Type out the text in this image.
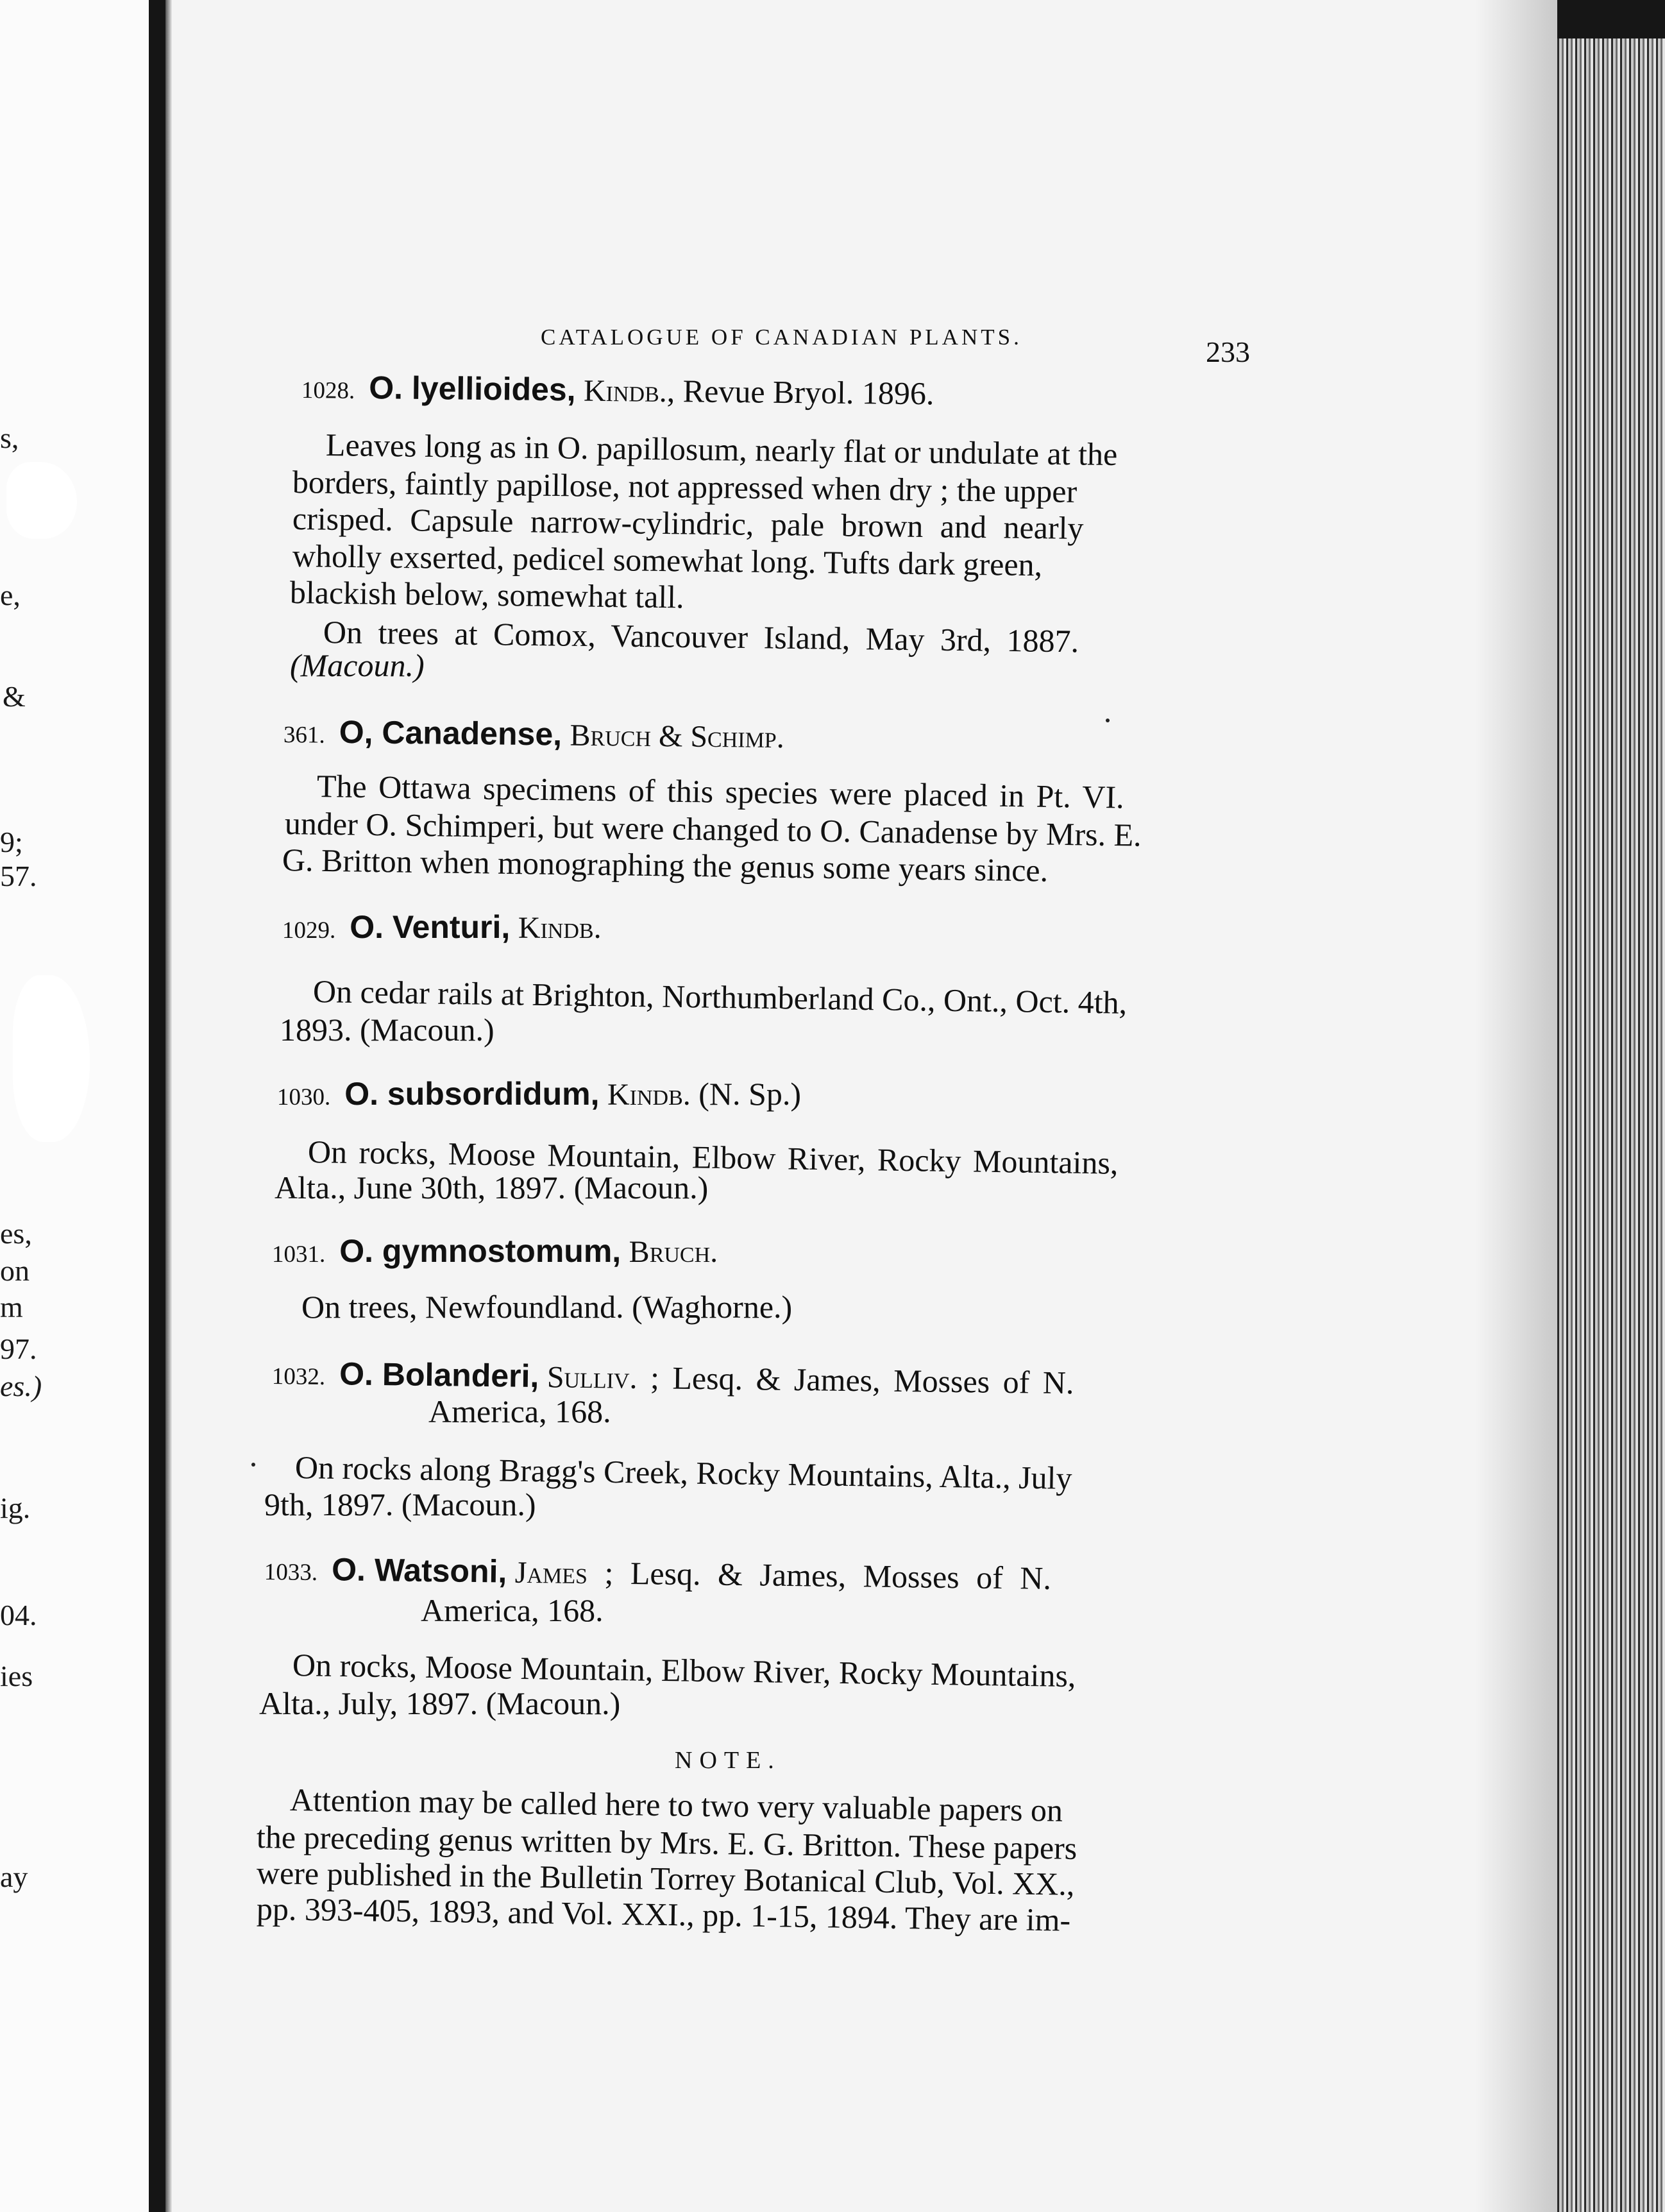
s,
e,
&
9;
57.
es,
on
m
97.
es.)
ig.
04.
ies
ay
CATALOGUE OF CANADIAN PLANTS.	233
1028. O. lyellioides, Kindb., Revue Bryol. 1896.
Leaves long as in O. papillosum, nearly flat or undulate at the
borders, faintly papillose, not appressed when dry ; the upper
crisped. Capsule narrow-cylindric, pale brown and nearly
wholly exserted, pedicel somewhat long. Tufts dark green,
blackish below, somewhat tall.
On trees at Comox, Vancouver Island, May 3rd, 1887.
(Macoun.)
361. O, Canadense, Bruch & Schimp.
The Ottawa specimens of this species were placed in Pt. VI.
under O. Schimperi, but were changed to O. Canadense by Mrs. E.
G. Britton when monographing the genus some years since.
1029. O. Venturi, Kindb.
On cedar rails at Brighton, Northumberland Co., Ont., Oct. 4th,
1893. (Macoun.)
1030. O. subsordidum, Kindb. (N. Sp.)
On rocks, Moose Mountain, Elbow River, Rocky Mountains,
Alta., June 30th, 1897. (Macoun.)
1031. O. gymnostomum, Bruch.
On trees, Newfoundland. (Waghorne.)
1032. O. Bolanderi, Sulliv. ; Lesq. & James, Mosses of N.
America, 168.
On rocks along Bragg's Creek, Rocky Mountains, Alta., July
9th, 1897. (Macoun.)
1033. O. Watsoni, James ; Lesq. & James, Mosses of N.
America, 168.
On rocks, Moose Mountain, Elbow River, Rocky Mountains,
Alta., July, 1897. (Macoun.)
NOTE.
Attention may be called here to two very valuable papers on
the preceding genus written by Mrs. E. G. Britton. These papers
were published in the Bulletin Torrey Botanical Club, Vol. XX.,
pp. 393-405, 1893, and Vol. XXI., pp. 1-15, 1894. They are im-
